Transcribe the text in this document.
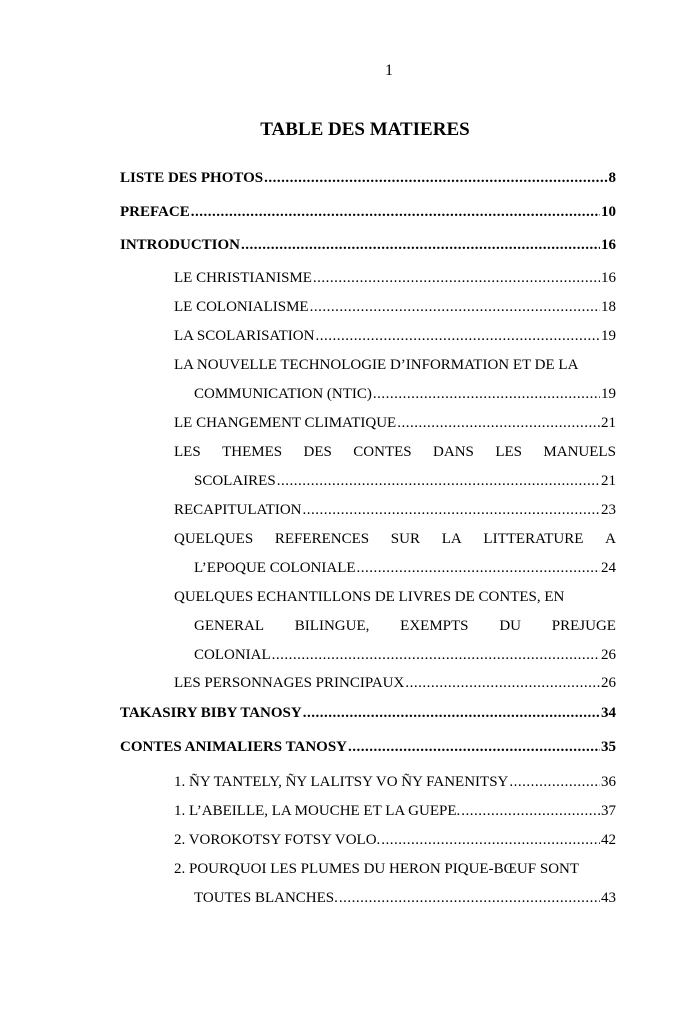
1
TABLE DES MATIERES
LISTE DES PHOTOS .....	8
PREFACE .....	10
INTRODUCTION .....	16
LE CHRISTIANISME .....	16
LE COLONIALISME .....	18
LA SCOLARISATION .....	19
LA NOUVELLE TECHNOLOGIE D’INFORMATION ET DE LA
COMMUNICATION (NTIC) .....	19
LE CHANGEMENT CLIMATIQUE .....	21
LES THEMES DES CONTES DANS LES MANUELS
SCOLAIRES .....	21
RECAPITULATION .....	23
QUELQUES REFERENCES SUR LA LITTERATURE A
L’EPOQUE COLONIALE .....	24
QUELQUES ECHANTILLONS DE LIVRES DE CONTES, EN
GENERAL BILINGUE, EXEMPTS DU PREJUGE
COLONIAL .....	26
LES PERSONNAGES PRINCIPAUX .....	26
TAKASIRY BIBY TANOSY .....	34
CONTES ANIMALIERS TANOSY .....	35
1. ÑY TANTELY, ÑY LALITSY VO ÑY FANENITSY .....	36
1. L’ABEILLE, LA MOUCHE ET LA GUEPE. .....	37
2. VOROKOTSY FOTSY VOLO. .....	42
2. POURQUOI LES PLUMES DU HERON PIQUE-BŒUF SONT
TOUTES BLANCHES. .....	43
